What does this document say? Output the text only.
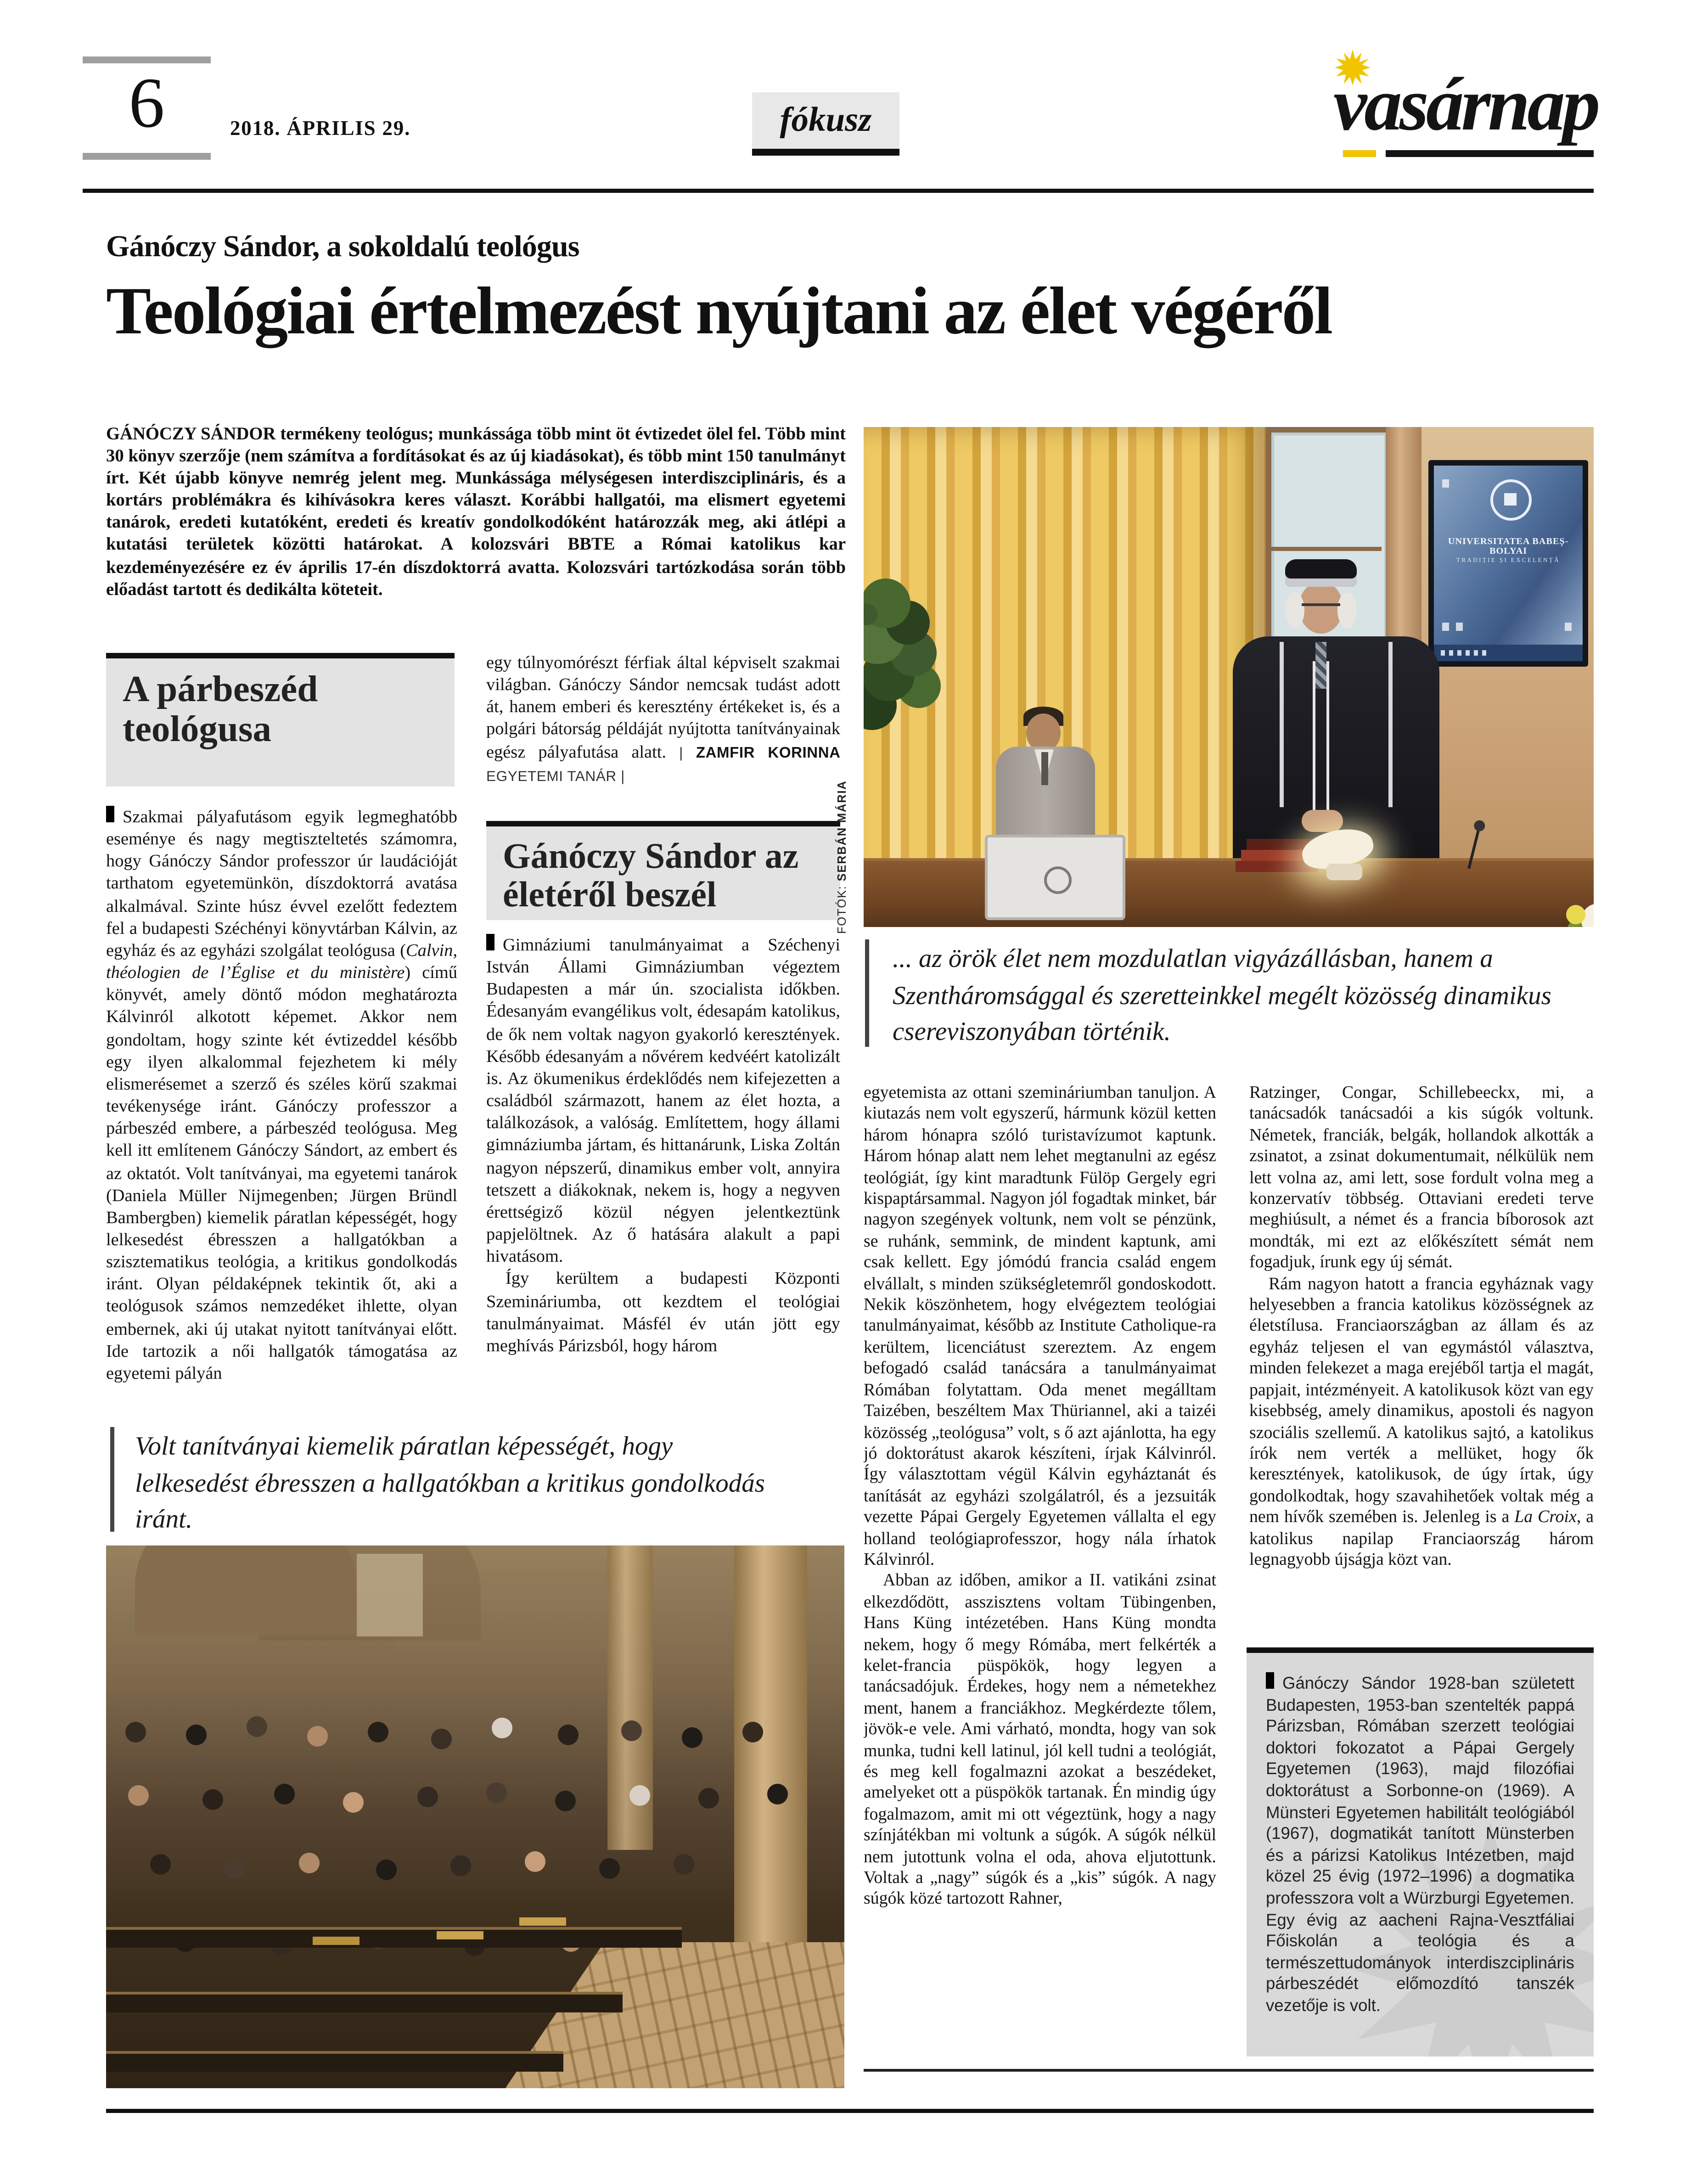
6	2018. ÁPRILIS 29.	fókusz	vasárnap
Gánóczy Sándor, a sokoldalú teológus
Teológiai értelmezést nyújtani az élet végéről
GÁNÓCZY SÁNDOR termékeny teológus; munkássága több mint öt évtizedet ölel fel. Több mint 30 könyv szerzője (nem számítva a fordításokat és az új kiadásokat), és több mint 150 tanulmányt írt. Két újabb könyve nemrég jelent meg. Munkássága mélységesen interdiszciplináris, és a kortárs problémákra és kihívásokra keres választ. Korábbi hallgatói, ma elismert egyetemi tanárok, eredeti kutatóként, eredeti és kreatív gondolkodóként határozzák meg, aki átlépi a kutatási területek közötti határokat. A kolozsvári BBTE a Római katolikus kar kezdeményezésére ez év április 17-én díszdoktorrá avatta. Kolozsvári tartózkodása során több előadást tartott és dedikálta köteteit.
A párbeszéd teológusa

Szakmai pályafutásom egyik legmeghatóbb eseménye és nagy megtiszteltetés számomra, hogy Gánóczy Sándor professzor úr laudációját tarthatom egyetemünkön, díszdoktorrá avatása alkalmával. Szinte húsz évvel ezelőtt fedeztem fel a budapesti Széchényi könyvtárban Kálvin, az egyház és az egyházi szolgálat teológusa (Calvin, théologien de l’Église et du ministère) című könyvét, amely döntő módon meghatározta Kálvinról alkotott képemet. Akkor nem gondoltam, hogy szinte két évtizeddel később egy ilyen alkalommal fejezhetem ki mély elismerésemet a szerző és széles körű szakmai tevékenysége iránt. Gánóczy professzor a párbeszéd embere, a párbeszéd teológusa. Meg kell itt említenem Gánóczy Sándort, az embert és az oktatót. Volt tanítványai, ma egyetemi tanárok (Daniela Müller Nijmegenben; Jürgen Bründl Bambergben) kiemelik páratlan képességét, hogy lelkesedést ébresszen a hallgatókban a szisztematikus teológia, a kritikus gondolkodás iránt. Olyan példaképnek tekintik őt, aki a teológusok számos nemzedéket ihlette, olyan embernek, aki új utakat nyitott tanítványai előtt. Ide tartozik a női hallgatók támogatása az egyetemi pályán

egy túlnyomórészt férfiak által képviselt szakmai világban. Gánóczy Sándor nemcsak tudást adott át, hanem emberi és keresztény értékeket is, és a polgári bátorság példáját nyújtotta tanítványainak egész pályafutása alatt. | ZAMFIR KORINNA EGYETEMI TANÁR |

Gánóczy Sándor az életéről beszél

Gimnáziumi tanulmányaimat a Széchenyi István Állami Gimnáziumban végeztem Budapesten a már ún. szocialista időkben. Édesanyám evangélikus volt, édesapám katolikus, de ők nem voltak nagyon gyakorló keresztények. Később édesanyám a nővérem kedvéért katolizált is. Az ökumenikus érdeklődés nem kifejezetten a családból származott, hanem az élet hozta, a találkozások, a valóság. Említettem, hogy állami gimnáziumba jártam, és hittanárunk, Liska Zoltán nagyon népszerű, dinamikus ember volt, annyira tetszett a diákoknak, nekem is, hogy a negyven érettségiző közül négyen jelentkeztünk papjelöltnek. Az ő hatására alakult a papi hivatásom.

Így kerültem a budapesti Központi Szemináriumba, ott kezdtem el teológiai tanulmányaimat. Másfél év után jött egy meghívás Párizsból, hogy három

UNIVERSITATEA BABEȘ-BOLYAI
TRADIȚIE ȘI EXCELENȚĂ
FOTÓK: SERBÁN MÁRIA
... az örök élet nem mozdulatlan vigyázállásban, hanem a Szentháromsággal és szeretteinkkel megélt közösség dinamikus csereviszonyában történik.

egyetemista az ottani szemináriumban tanuljon. A kiutazás nem volt egyszerű, hármunk közül ketten három hónapra szóló turistavízumot kaptunk. Három hónap alatt nem lehet megtanulni az egész teológiát, így kint maradtunk Fülöp Gergely egri kispaptársammal. Nagyon jól fogadtak minket, bár nagyon szegények voltunk, nem volt se pénzünk, se ruhánk, semmink, de mindent kaptunk, ami csak kellett. Egy jómódú francia család engem elvállalt, s minden szükségletemről gondoskodott. Nekik köszönhetem, hogy elvégeztem teológiai tanulmányaimat, később az Institute Catholique-ra kerültem, licenciátust szereztem. Az engem befogadó család tanácsára a tanulmányaimat Rómában folytattam. Oda menet megálltam Taizében, beszéltem Max Thüriannel, aki a taizéi közösség „teológusa” volt, s ő azt ajánlotta, ha egy jó doktorátust akarok készíteni, írjak Kálvinról. Így választottam végül Kálvin egyháztanát és tanítását az egyházi szolgálatról, és a jezsuiták vezette Pápai Gergely Egyetemen vállalta el egy holland teológiaprofesszor, hogy nála írhatok Kálvinról.

Abban az időben, amikor a II. vatikáni zsinat elkezdődött, asszisztens voltam Tübingenben, Hans Küng intézetében. Hans Küng mondta nekem, hogy ő megy Rómába, mert felkérték a kelet-francia püspökök, hogy legyen a tanácsadójuk. Érdekes, hogy nem a németekhez ment, hanem a franciákhoz. Megkérdezte tőlem, jövök-e vele. Ami várható, mondta, hogy van sok munka, tudni kell latinul, jól kell tudni a teológiát, és meg kell fogalmazni azokat a beszédeket, amelyeket ott a püspökök tartanak. Én mindig úgy fogalmazom, amit mi ott végeztünk, hogy a nagy színjátékban mi voltunk a súgók. A súgók nélkül nem jutottunk volna el oda, ahova eljutottunk. Voltak a „nagy” súgók és a „kis” súgók. A nagy súgók közé tartozott Rahner,

Ratzinger, Congar, Schillebeeckx, mi, a tanácsadók tanácsadói a kis súgók voltunk. Németek, franciák, belgák, hollandok alkották a zsinatot, a zsinat dokumentumait, nélkülük nem lett volna az, ami lett, sose fordult volna meg a konzervatív többség. Ottaviani eredeti terve meghiúsult, a német és a francia bíborosok azt mondták, mi ezt az előkészített sémát nem fogadjuk, írunk egy új sémát.

Rám nagyon hatott a francia egyháznak vagy helyesebben a francia katolikus közösségnek az életstílusa. Franciaországban az állam és az egyház teljesen el van egymástól választva, minden felekezet a maga erejéből tartja el magát, papjait, intézményeit. A katolikusok közt van egy kisebbség, amely dinamikus, apostoli és nagyon szociális szellemű. A katolikus sajtó, a katolikus írók nem verték a mellüket, hogy ők keresztények, katolikusok, de úgy írtak, úgy gondolkodtak, hogy szavahihetőek voltak még a nem hívők szemében is. Jelenleg is a La Croix, a katolikus napilap Franciaország három legnagyobb újságja közt van.

Gánóczy Sándor 1928-ban született Budapesten, 1953-ban szentelték pappá Párizsban, Rómában szerzett teológiai doktori fokozatot a Pápai Gergely Egyetemen (1963), majd filozófiai doktorátust a Sorbonne-on (1969). A Münsteri Egyetemen habilitált teológiából (1967), dogmatikát tanított Münsterben és a párizsi Katolikus Intézetben, majd közel 25 évig (1972–1996) a dogmatika professzora volt a Würzburgi Egyetemen. Egy évig az aacheni Rajna-Vesztfáliai Főiskolán a teológia és a természettudományok interdiszciplináris párbeszédét előmozdító tanszék vezetője is volt.
Volt tanítványai kiemelik páratlan képességét, hogy lelkesedést ébresszen a hallgatókban a kritikus gondolkodás iránt.
